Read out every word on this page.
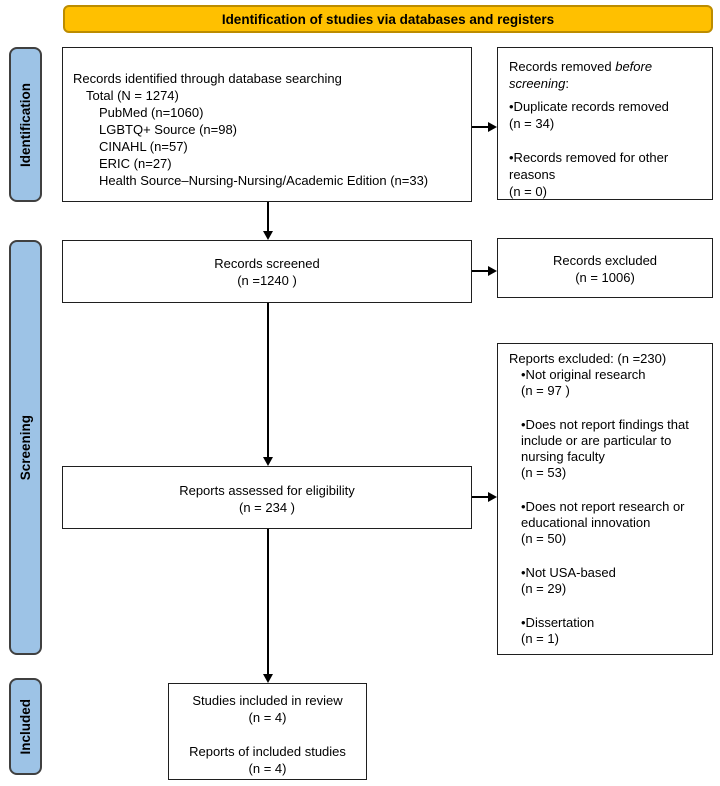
Identification of studies via databases and registers
Identification
Screening
Included
Records identified through database searching
Total (N = 1274)
PubMed (n=1060)
LGBTQ+ Source (n=98)
CINAHL (n=57)
ERIC (n=27)
Health Source–Nursing-Nursing/Academic Edition (n=33)
Records removed before screening:
•Duplicate records removed
(n = 34)
•Records removed for other reasons
(n = 0)
Records screened
(n =1240 )
Records excluded
(n = 1006)
Reports assessed for eligibility
(n = 234 )
Reports excluded: (n =230)
•Not original research
(n = 97 )
•Does not report findings that include or are particular to nursing faculty
(n = 53)
•Does not report research or educational innovation
(n = 50)
•Not USA-based
(n = 29)
•Dissertation
(n = 1)
Studies included in review
(n = 4)
Reports of included studies
(n = 4)
